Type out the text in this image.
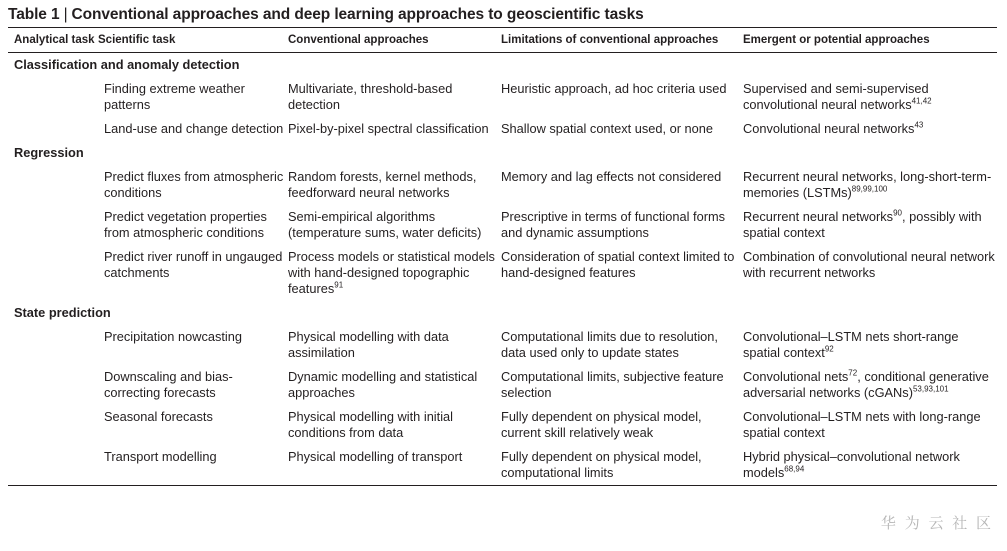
Table 1 | Conventional approaches and deep learning approaches to geoscientific tasks
Analytical task	Scientific task	Conventional approaches	Limitations of conventional approaches	Emergent or potential approaches
Classification and anomaly detection				
	Finding extreme weather patterns	Multivariate, threshold-based detection	Heuristic approach, ad hoc criteria used	Supervised and semi-supervised convolutional neural networks$^{41,42}$
	Land-use and change detection	Pixel-by-pixel spectral classification	Shallow spatial context used, or none	Convolutional neural networks$^{43}$
Regression				
	Predict fluxes from atmospheric conditions	Random forests, kernel methods, feedforward neural networks	Memory and lag effects not considered	Recurrent neural networks, long-short-term-memories (LSTMs)$^{89,99,100}$
	Predict vegetation properties from atmospheric conditions	Semi-empirical algorithms (temperature sums, water deficits)	Prescriptive in terms of functional forms and dynamic assumptions	Recurrent neural networks$^{90}$, possibly with spatial context
	Predict river runoff in ungauged catchments	Process models or statistical models with hand-designed topographic features$^{91}$	Consideration of spatial context limited to hand-designed features	Combination of convolutional neural network with recurrent networks
State prediction				
	Precipitation nowcasting	Physical modelling with data assimilation	Computational limits due to resolution, data used only to update states	Convolutional–LSTM nets short-range spatial context$^{92}$
	Downscaling and bias-correcting forecasts	Dynamic modelling and statistical approaches	Computational limits, subjective feature selection	Convolutional nets$^{72}$, conditional generative adversarial networks (cGANs)$^{53,93,101}$
	Seasonal forecasts	Physical modelling with initial conditions from data	Fully dependent on physical model, current skill relatively weak	Convolutional–LSTM nets with long-range spatial context
	Transport modelling	Physical modelling of transport	Fully dependent on physical model, computational limits	Hybrid physical–convolutional network models$^{68,94}$
华 为 云 社 区
